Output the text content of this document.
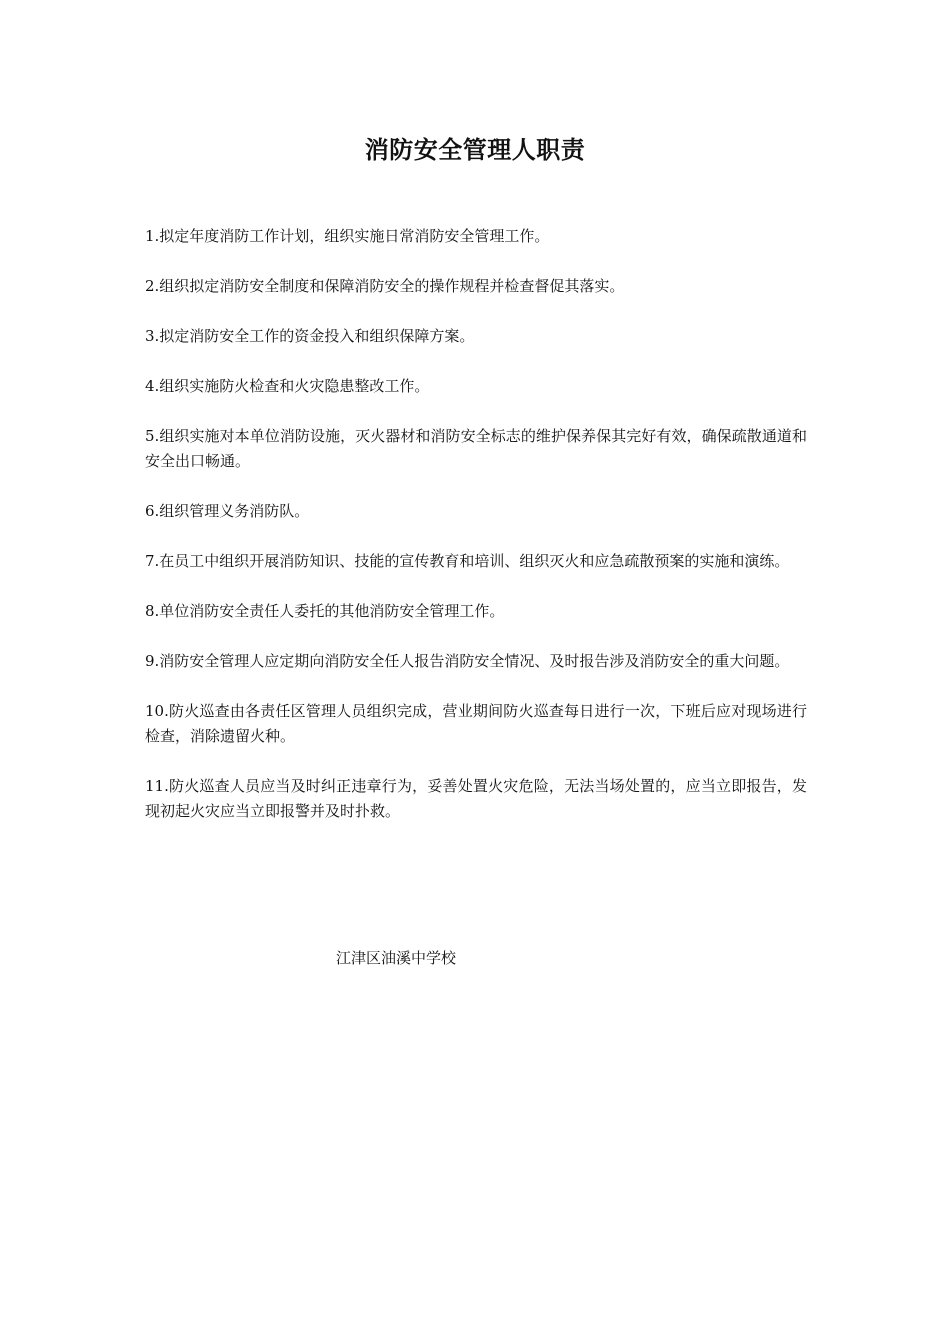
消防安全管理人职责

1.拟定年度消防工作计划，组织实施日常消防安全管理工作。

2.组织拟定消防安全制度和保障消防安全的操作规程并检查督促其落实。

3.拟定消防安全工作的资金投入和组织保障方案。

4.组织实施防火检查和火灾隐患整改工作。

5.组织实施对本单位消防设施，灭火器材和消防安全标志的维护保养保其完好有效，确保疏散通道和安全出口畅通。

6.组织管理义务消防队。

7.在员工中组织开展消防知识、技能的宣传教育和培训、组织灭火和应急疏散预案的实施和演练。

8.单位消防安全责任人委托的其他消防安全管理工作。

9.消防安全管理人应定期向消防安全任人报告消防安全情况、及时报告涉及消防安全的重大问题。

10.防火巡查由各责任区管理人员组织完成，营业期间防火巡查每日进行一次，下班后应对现场进行检查，消除遗留火种。

11.防火巡查人员应当及时纠正违章行为，妥善处置火灾危险，无法当场处置的，应当立即报告，发现初起火灾应当立即报警并及时扑救。

江津区油溪中学校
